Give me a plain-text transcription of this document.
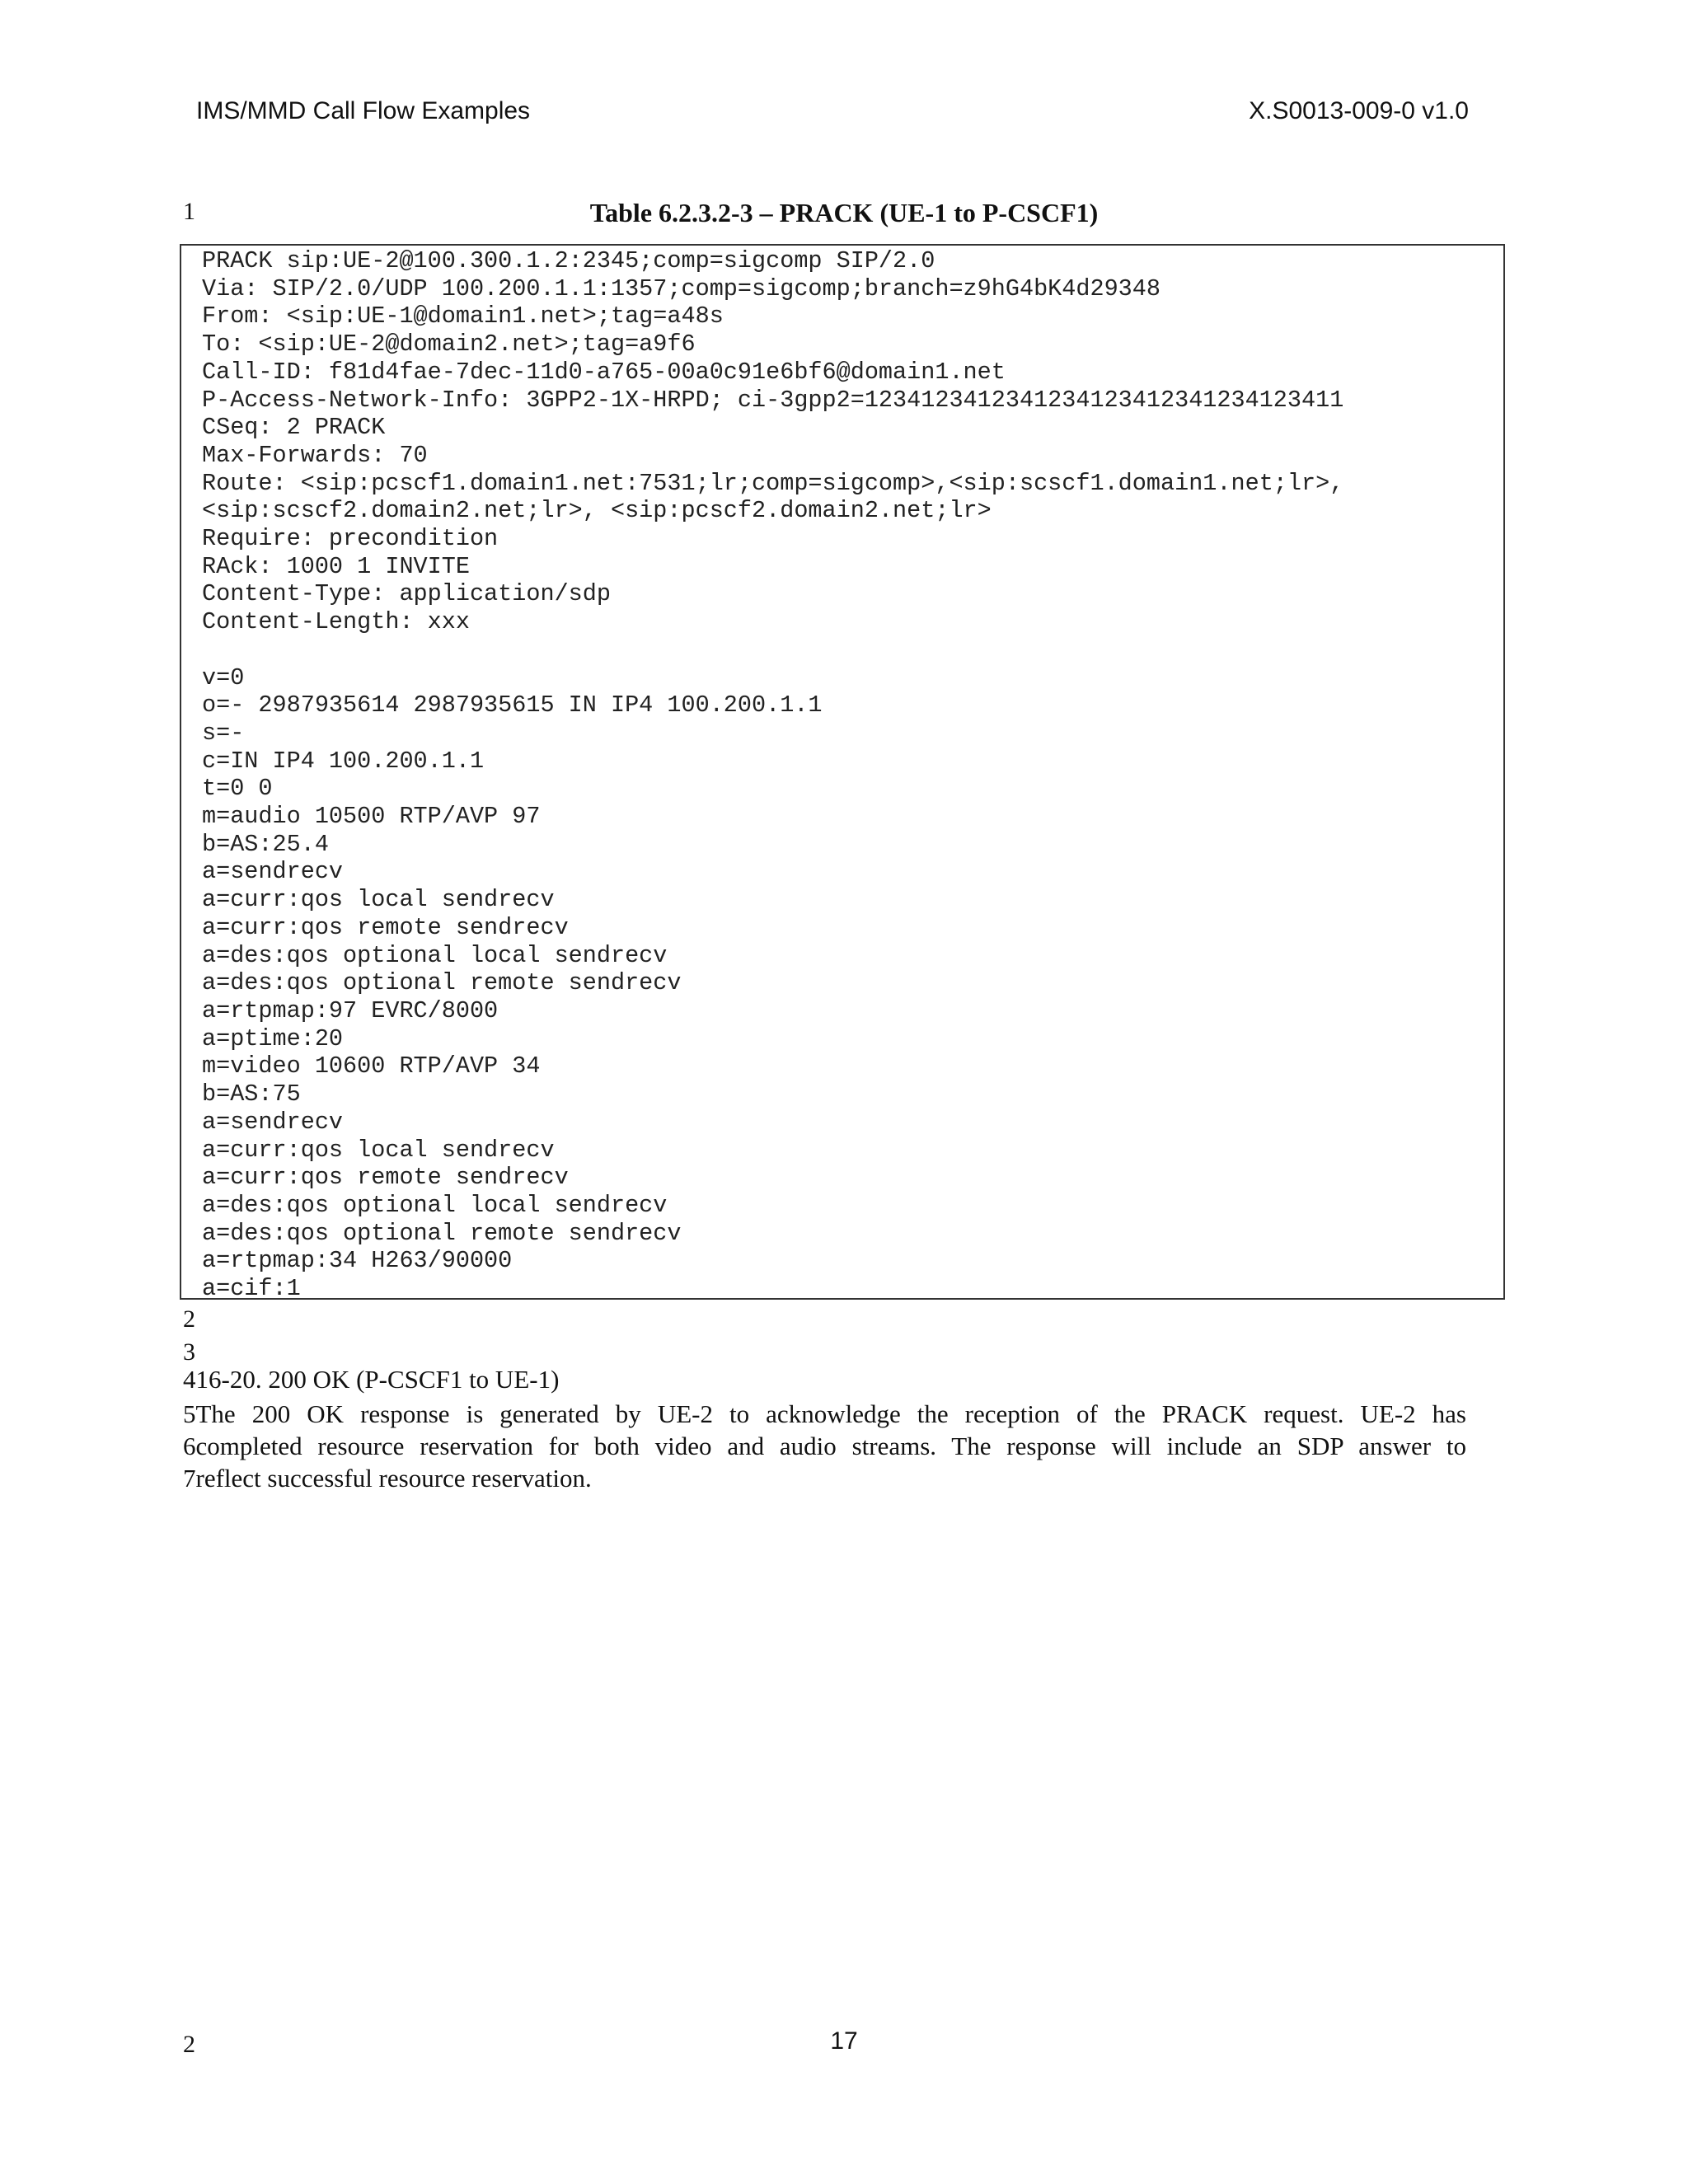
IMS/MMD Call Flow Examples	X.S0013-009-0 v1.0
1	Table 6.2.3.2-3 – PRACK (UE-1 to P-CSCF1)
PRACK sip:UE-2@100.300.1.2:2345;comp=sigcomp SIP/2.0
Via: SIP/2.0/UDP 100.200.1.1:1357;comp=sigcomp;branch=z9hG4bK4d29348
From: <sip:UE-1@domain1.net>;tag=a48s
To: <sip:UE-2@domain2.net>;tag=a9f6
Call-ID: f81d4fae-7dec-11d0-a765-00a0c91e6bf6@domain1.net
P-Access-Network-Info: 3GPP2-1X-HRPD; ci-3gpp2=1234123412341234123412341234123411
CSeq: 2 PRACK
Max-Forwards: 70
Route: <sip:pcscf1.domain1.net:7531;lr;comp=sigcomp>,<sip:scscf1.domain1.net;lr>,
<sip:scscf2.domain2.net;lr>, <sip:pcscf2.domain2.net;lr>
Require: precondition
RAck: 1000 1 INVITE
Content-Type: application/sdp
Content-Length: xxx

v=0
o=- 2987935614 2987935615 IN IP4 100.200.1.1
s=-
c=IN IP4 100.200.1.1
t=0 0
m=audio 10500 RTP/AVP 97
b=AS:25.4
a=sendrecv
a=curr:qos local sendrecv
a=curr:qos remote sendrecv
a=des:qos optional local sendrecv
a=des:qos optional remote sendrecv
a=rtpmap:97 EVRC/8000
a=ptime:20
m=video 10600 RTP/AVP 34
b=AS:75
a=sendrecv
a=curr:qos local sendrecv
a=curr:qos remote sendrecv
a=des:qos optional local sendrecv
a=des:qos optional remote sendrecv
a=rtpmap:34 H263/90000
a=cif:1
2
3
416-20. 200 OK (P-CSCF1 to UE-1)
5The 200 OK response is generated by UE-2 to acknowledge the reception of the PRACK request. UE-2 has
6completed resource reservation for both video and audio streams. The response will include an SDP answer to
7reflect successful resource reservation.
2	17
